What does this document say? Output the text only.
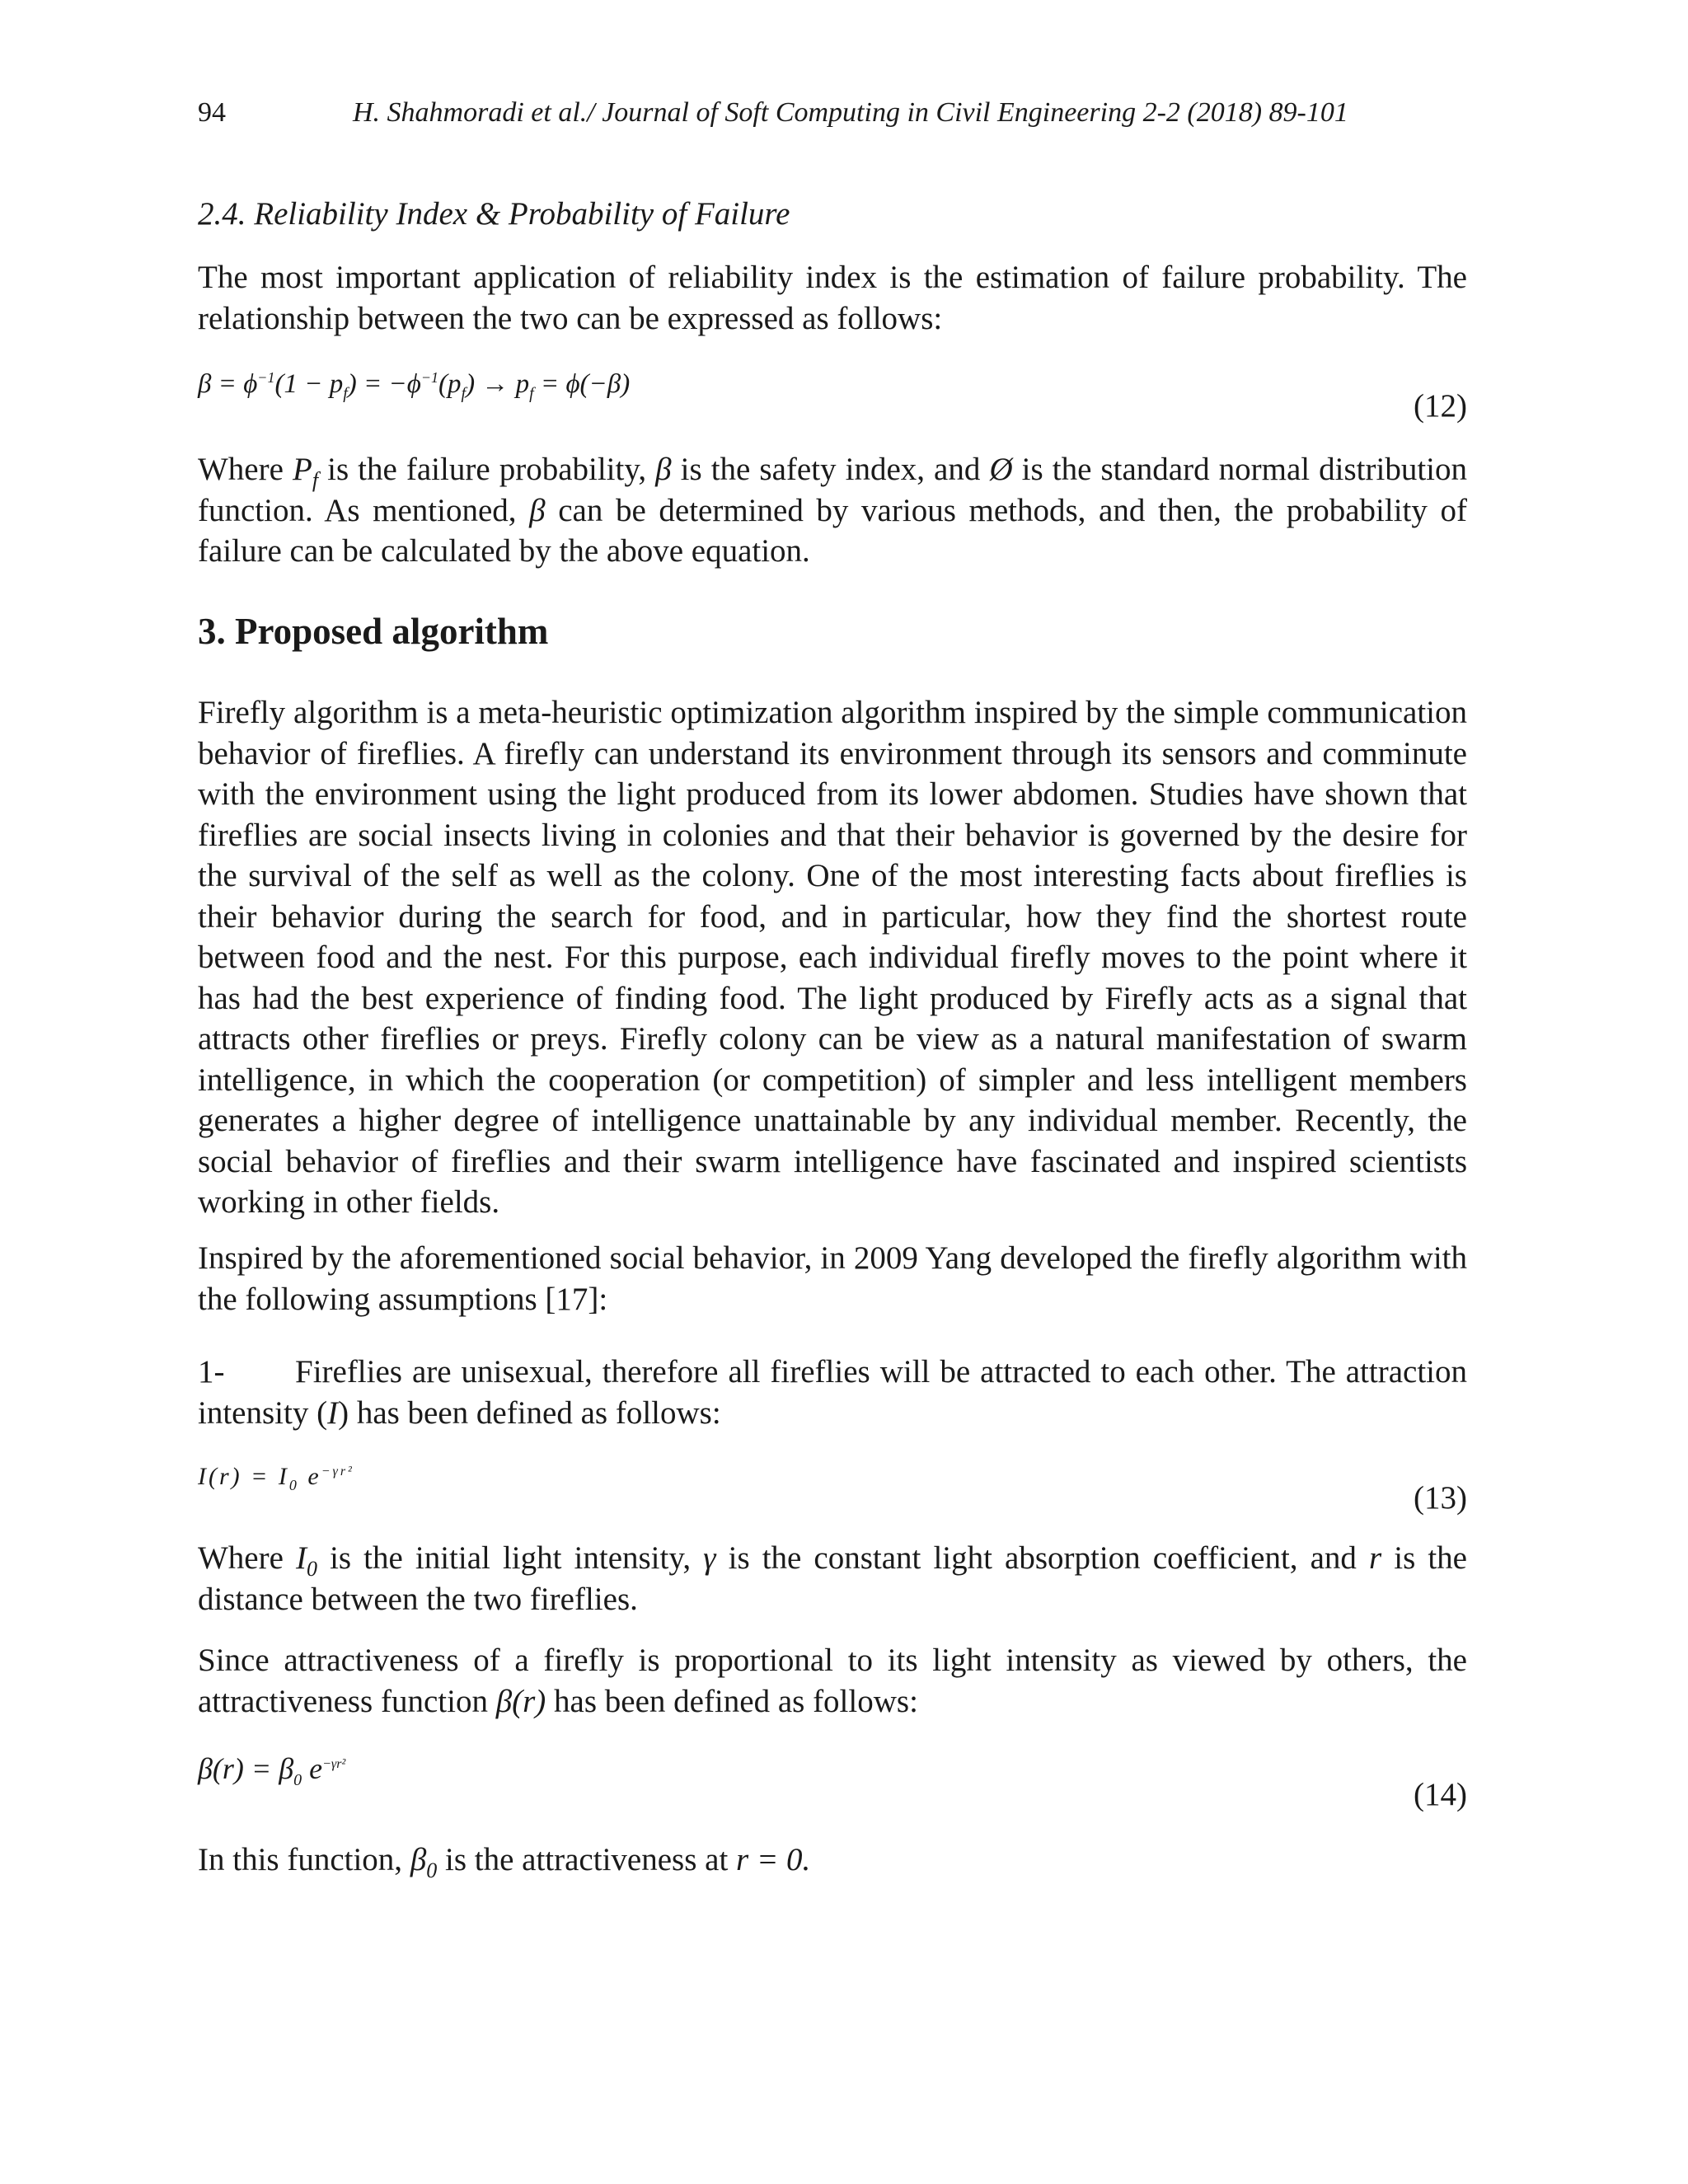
94	H. Shahmoradi et al./ Journal of Soft Computing in Civil Engineering 2-2 (2018) 89-101
2.4. Reliability Index & Probability of Failure

The most important application of reliability index is the estimation of failure probability. The relationship between the two can be expressed as follows:

$\beta = \phi^{-1}(1 - p_f) = -\phi^{-1}(p_f) \to p_f = \phi(-\beta)$
(12)

Where $P_f$ is the failure probability, β is the safety index, and Ø is the standard normal distribution function. As mentioned, β can be determined by various methods, and then, the probability of failure can be calculated by the above equation.

3. Proposed algorithm

Firefly algorithm is a meta-heuristic optimization algorithm inspired by the simple communication behavior of fireflies. A firefly can understand its environment through its sensors and comminute with the environment using the light produced from its lower abdomen. Studies have shown that fireflies are social insects living in colonies and that their behavior is governed by the desire for the survival of the self as well as the colony. One of the most interesting facts about fireflies is their behavior during the search for food, and in particular, how they find the shortest route between food and the nest. For this purpose, each individual firefly moves to the point where it has had the best experience of finding food. The light produced by Firefly acts as a signal that attracts other fireflies or preys. Firefly colony can be view as a natural manifestation of swarm intelligence, in which the cooperation (or competition) of simpler and less intelligent members generates a higher degree of intelligence unattainable by any individual member. Recently, the social behavior of fireflies and their swarm intelligence have fascinated and inspired scientists working in other fields.

Inspired by the aforementioned social behavior, in 2009 Yang developed the firefly algorithm with the following assumptions [17]:

1- Fireflies are unisexual, therefore all fireflies will be attracted to each other. The attraction intensity (I) has been defined as follows:

$I(r) = I_0$ $e^{-\gamma r^2}$
(13)

Where $I_0$ is the initial light intensity, γ is the constant light absorption coefficient, and r is the distance between the two fireflies.

Since attractiveness of a firefly is proportional to its light intensity as viewed by others, the attractiveness function β(r) has been defined as follows:

$\beta(r) = \beta_0$ $e^{-\gamma r^2}$
(14)

In this function, $\beta_0$ is the attractiveness at r = 0.
